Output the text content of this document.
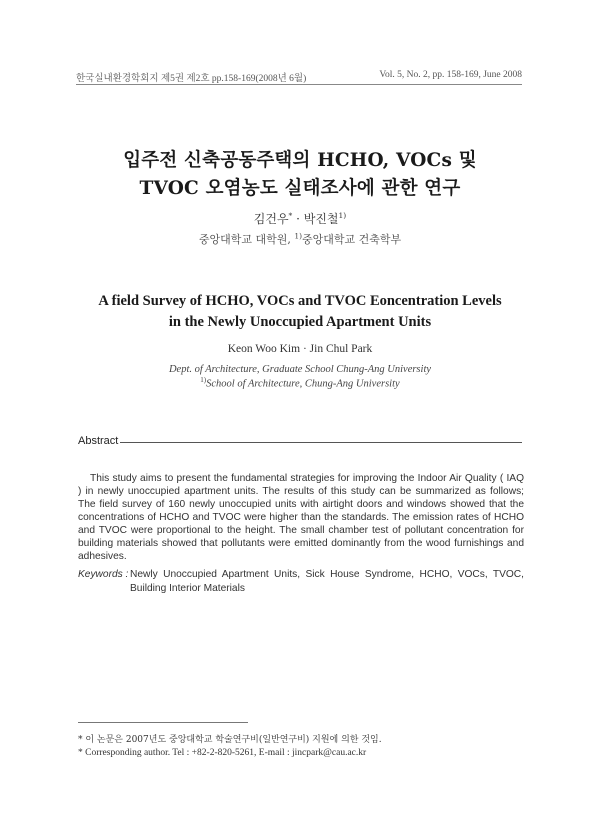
한국실내환경학회지 제5권 제2호 pp.158-169(2008년 6월)	Vol. 5, No. 2, pp. 158-169, June 2008
입주전 신축공동주택의 HCHO, VOCs 및
TVOC 오염농도 실태조사에 관한 연구
김건우* · 박진철$^{1)}$
중앙대학교 대학원, $^{1)}$중앙대학교 건축학부
A field Survey of HCHO, VOCs and TVOC Eoncentration Levels
in the Newly Unoccupied Apartment Units
Keon Woo Kim · Jin Chul Park
Dept. of Architecture, Graduate School Chung-Ang University
$^{1)}$School of Architecture, Chung-Ang University
Abstract

This study aims to present the fundamental strategies for improving the Indoor Air Quality ( IAQ ) in newly unoccupied apartment units. The results of this study can be summarized as follows; The field survey of 160 newly unoccupied units with airtight doors and windows showed that the concentrations of HCHO and TVOC were higher than the standards. The emission rates of HCHO and TVOC were proportional to the height. The small chamber test of pollutant concentration for building materials showed that pollutants were emitted dominantly from the wood furnishings and adhesives.

Keywords : Newly Unoccupied Apartment Units, Sick House Syndrome, HCHO, VOCs, TVOC, Building Interior Materials
* 이 논문은 2007년도 중앙대학교 학술연구비(일반연구비) 지원에 의한 것임.
* Corresponding author. Tel : +82-2-820-5261, E-mail : jincpark@cau.ac.kr
